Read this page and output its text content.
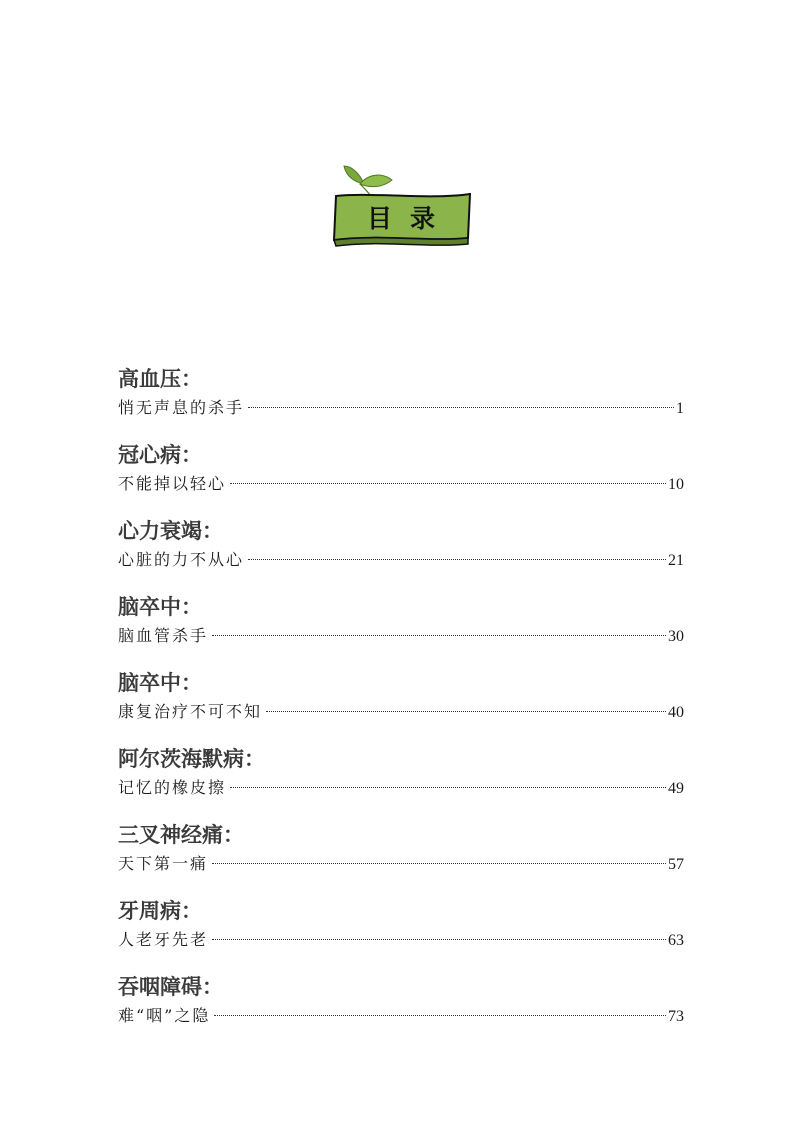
目录
高血压：
悄无声息的杀手	1
冠心病：
不能掉以轻心	10
心力衰竭：
心脏的力不从心	21
脑卒中：
脑血管杀手	30
脑卒中：
康复治疗不可不知	40
阿尔茨海默病：
记忆的橡皮擦	49
三叉神经痛：
天下第一痛	57
牙周病：
人老牙先老	63
吞咽障碍：
难“咽”之隐	73
